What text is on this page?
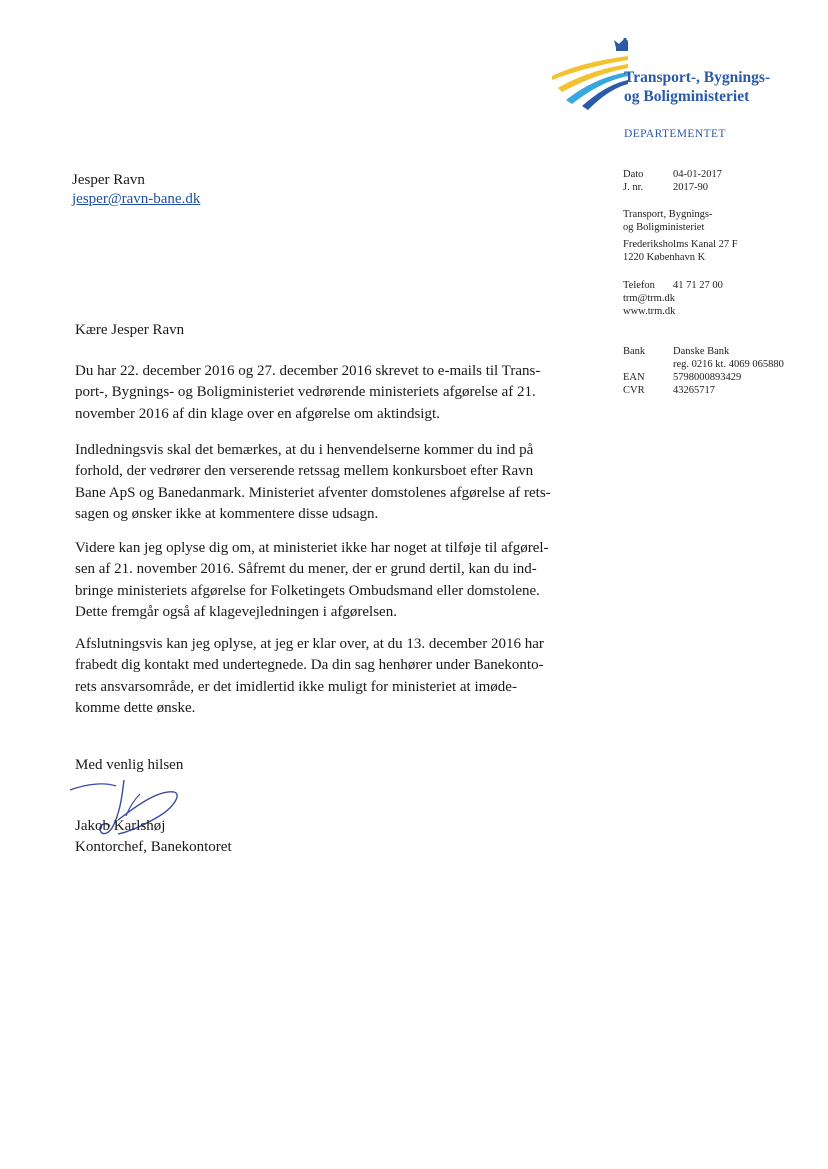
Transport-, Bygnings-
og Boligministeriet
DEPARTEMENTET
Dato	04-01-2017
J. nr.	2017-90
Transport, Bygnings-
og Boligministeriet
Frederiksholms Kanal 27 F
1220 København K
Telefon 41 71 27 00
trm@trm.dk
www.trm.dk
Bank	Danske Bank
reg. 0216 kt. 4069 065880
EAN	5798000893429
CVR	43265717
Jesper Ravn
jesper@ravn-bane.dk

Kære Jesper Ravn

Du har 22. december 2016 og 27. december 2016 skrevet to e-mails til Trans-

port-, Bygnings- og Boligministeriet vedrørende ministeriets afgørelse af 21.

november 2016 af din klage over en afgørelse om aktindsigt.

Indledningsvis skal det bemærkes, at du i henvendelserne kommer du ind på

forhold, der vedrører den verserende retssag mellem konkursboet efter Ravn

Bane ApS og Banedanmark. Ministeriet afventer domstolenes afgørelse af rets-

sagen og ønsker ikke at kommentere disse udsagn.

Videre kan jeg oplyse dig om, at ministeriet ikke har noget at tilføje til afgørel-

sen af 21. november 2016. Såfremt du mener, der er grund dertil, kan du ind-

bringe ministeriets afgørelse for Folketingets Ombudsmand eller domstolene.

Dette fremgår også af klagevejledningen i afgørelsen.

Afslutningsvis kan jeg oplyse, at jeg er klar over, at du 13. december 2016 har

frabedt dig kontakt med undertegnede. Da din sag henhører under Banekonto-

rets ansvarsområde, er det imidlertid ikke muligt for ministeriet at imøde-

komme dette ønske.

Med venlig hilsen

Jakob Karlshøj

Kontorchef, Banekontoret
